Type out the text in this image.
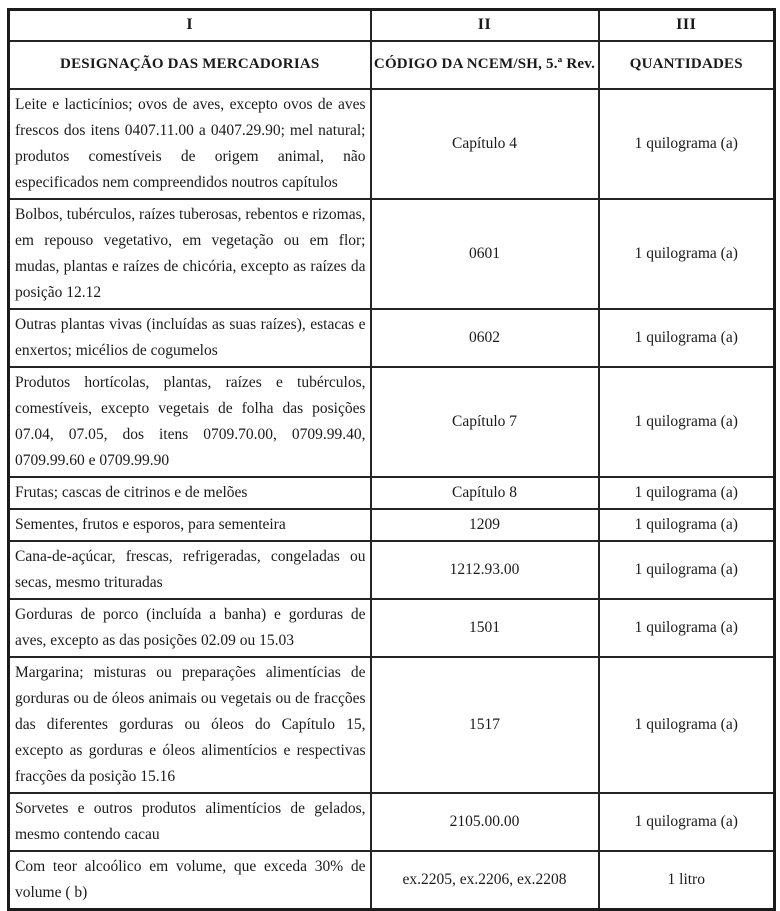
I	II	III
DESIGNAÇÃO DAS MERCADORIAS	CÓDIGO DA NCEM/SH, 5.ª Rev.	QUANTIDADES
Leite e lacticínios; ovos de aves, excepto ovos de aves frescos dos itens 0407.11.00 a 0407.29.90; mel natural; produtos comestíveis de origem animal, não especificados nem compreendidos noutros capítulos	Capítulo 4	1 quilograma (a)
Bolbos, tubérculos, raízes tuberosas, rebentos e rizomas, em repouso vegetativo, em vegetação ou em flor; mudas, plantas e raízes de chicória, excepto as raízes da posição 12.12	0601	1 quilograma (a)
Outras plantas vivas (incluídas as suas raízes), estacas e enxertos; micélios de cogumelos	0602	1 quilograma (a)
Produtos hortícolas, plantas, raízes e tubérculos, comestíveis, excepto vegetais de folha das posições 07.04, 07.05, dos itens 0709.70.00, 0709.99.40, 0709.99.60 e 0709.99.90	Capítulo 7	1 quilograma (a)
Frutas; cascas de citrinos e de melões	Capítulo 8	1 quilograma (a)
Sementes, frutos e esporos, para sementeira	1209	1 quilograma (a)
Cana-de-açúcar, frescas, refrigeradas, congeladas ou secas, mesmo trituradas	1212.93.00	1 quilograma (a)
Gorduras de porco (incluída a banha) e gorduras de aves, excepto as das posições 02.09 ou 15.03	1501	1 quilograma (a)
Margarina; misturas ou preparações alimentícias de gorduras ou de óleos animais ou vegetais ou de fracções das diferentes gorduras ou óleos do Capítulo 15, excepto as gorduras e óleos alimentícios e respectivas fracções da posição 15.16	1517	1 quilograma (a)
Sorvetes e outros produtos alimentícios de gelados, mesmo contendo cacau	2105.00.00	1 quilograma (a)
Com teor alcoólico em volume, que exceda 30% de volume ( b)	ex.2205, ex.2206, ex.2208	1 litro
